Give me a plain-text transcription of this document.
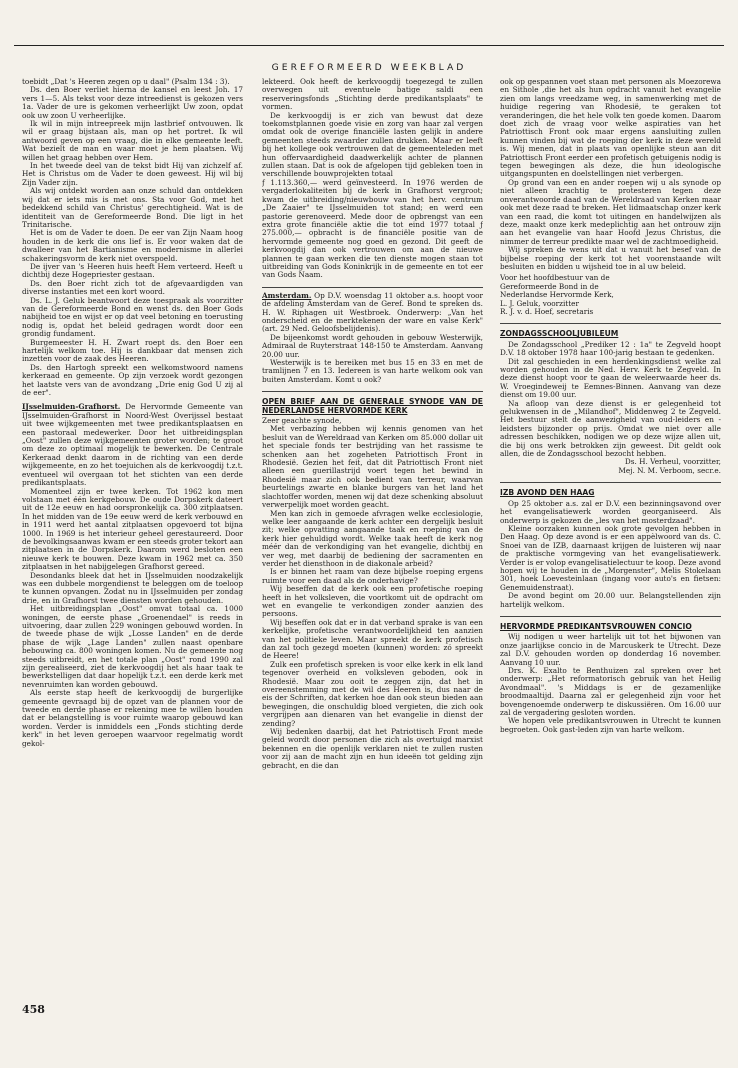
GEREFORMEERD WEEKBLAD

toebidt „Dat 's Heeren zegen op u daal" (Psalm 134 : 3).

Ds. den Boer verliet hierna de kansel en leest Joh. 17 vers 1—5. Als tekst voor deze intreedienst is gekozen vers 1a. Vader de ure is gekomen verheerlijkt Uw zoon, opdat ook uw zoon U verheerlijke.

Ik wil in mijn intreepreek mijn lastbrief ontvouwen. Ik wil er graag bijstaan als, man op het portret. Ik wil antwoord geven op een vraag, die in elke gemeente leeft. Wat bezielt de man en waar moet je hem plaatsen. Wij willen het graag hebben over Hem.

In het tweede deel van de tekst bidt Hij van zichzelf af. Het is Christus om de Vader te doen geweest. Hij wil bij Zijn Vader zijn.

Als wij ontdekt worden aan onze schuld dan ontdekken wij dat er iets mis is met ons. Sta voor God, met het bedekkend schild van Christus' gerechtigheid. Wat is de identiteit van de Gereformeerde Bond. Die ligt in het Trinitarische.

Het is om de Vader te doen. De eer van Zijn Naam hoog houden in de kerk die ons lief is. Er voor waken dat de dwalleer van het Bartianisme en modernisme in allerlei schakeringsvorm de kerk niet overspoeld.

De ijver van 's Heeren huis heeft Hem verteerd. Heeft u dichtbij deze Hogepriester gestaan.

Ds. den Boer richt zich tot de afgevaardigden van diverse instanties met een kort woord.

Ds. L. J. Geluk beantwoort deze toespraak als voorzitter van de Gereformeerde Bond en wenst ds. den Boer Gods nabijheid toe en wijst er op dat veel betoning en toerusting nodig is, opdat het beleid gedragen wordt door een grondig fundament.

Burgemeester H. H. Zwart roept ds. den Boer een hartelijk welkom toe. Hij is dankbaar dat mensen zich inzetten voor de zaak des Heeren.

Ds. den Hartogh spreekt een welkomstwoord namens kerkeraad en gemeente. Op zijn verzoek wordt gezongen het laatste vers van de avondzang „Drie enig God U zij al de eer".

IJsselmuiden-Grafhorst. De Hervormde Gemeente van IJsselmuiden-Grafhorst in Noord-West Overijssel bestaat uit twee wijkgemeenten met twee predikantsplaatsen en een pastoraal medewerker. Door het uitbreidingsplan „Oost" zullen deze wijkgemeenten groter worden; te groot om deze zo optimaal mogelijk te bewerken. De Centrale Kerkeraad denkt daarom in de richting van een derde wijkgemeente, en zo het toejuichen als de kerkvoogdij t.z.t. eventueel wil overgaan tot het stichten van een derde predikantsplaats.

Momenteel zijn er twee kerken. Tot 1962 kon men volstaan met één kerkgebouw. De oude Dorpskerk dateert uit de 12e eeuw en had oorspronkelijk ca. 300 zitplaatsen. In het midden van de 19e eeuw werd de kerk verbouwd en in 1911 werd het aantal zitplaatsen opgevoerd tot bijna 1000. In 1969 is het interieur geheel gerestaureerd. Door de bevolkingsaanwas kwam er een steeds groter tekort aan zitplaatsen in de Dorpskerk. Daarom werd besloten een nieuwe kerk te bouwen. Deze kwam in 1962 met ca. 350 zitplaatsen in het nabijgelegen Grafhorst gereed.

Desondanks bleek dat het in IJsselmuiden noodzakelijk was een dubbele morgendienst te beleggen om de toeloop te kunnen opvangen. Zodat nu in IJsselmuiden per zondag drie, en in Grafhorst twee diensten worden gehouden.

Het uitbreidingsplan „Oost" omvat totaal ca. 1000 woningen, de eerste phase „Groenendael" is reeds in uitvoering, daar zullen 229 woningen gebouwd worden. In de tweede phase de wijk „Losse Landen" en de derde phase de wijk „Lage Landen" zullen naast openbare bebouwing ca. 800 woningen komen. Nu de gemeente nog steeds uitbreidt, en het totale plan „Oost" rond 1990 zal zijn gerealiseerd, ziet de kerkvoogdij het als haar taak te bewerkstelligen dat daar hopelijk t.z.t. een derde kerk met nevenruimten kan worden gebouwd.

Als eerste stap heeft de kerkvoogdij de burgerlijke gemeente gevraagd bij de opzet van de plannen voor de tweede en derde phase er rekening mee te willen houden dat er belangstelling is voor ruimte waarop gebouwd kan worden. Verder is inmiddels een „Fonds stichting derde kerk" in het leven geroepen waarvoor regelmatig wordt gekol-

lekteerd. Ook heeft de kerkvoogdij toegezegd te zullen overwegen uit eventuele batige saldi een reserveringsfonds „Stichting derde predikantsplaats" te vormen.

De kerkvoogdij is er zich van bewust dat deze toekomstplannen goede visie en zorg van haar zal vergen omdat ook de overige financiële lasten gelijk in andere gemeenten steeds zwaarder zullen drukken. Maar er leeft bij het kollege ook vertrouwen dat de gemeenteleden met hun offervaardigheid daadwerkelijk achter de plannen zullen staan. Dat is ook de afgelopen tijd gebleken toen in verschillende bouwprojekten totaal

ƒ 1.113.360,— werd geïnvesteerd. In 1976 werden de vergaderlokaliteiten bij de kerk in Grafhorst vergroot; kwam de uitbreiding/nieuwbouw van het herv. centrum „De Zaaier" te IJsselmuiden tot stand; en werd een pastorie gerenoveerd. Mede door de opbrengst van een extra grote financiële aktie die tot eind 1977 totaal ƒ 275.000,— opbracht is de financiële positie van de hervormde gemeente nog goed en gezond. Dit geeft de kerkvoogdij dan ook vertrouwen om aan de nieuwe plannen te gaan werken die ten dienste mogen staan tot uitbreiding van Gods Koninkrijk in de gemeente en tot eer van Gods Naam.

Amsterdam. Op D.V. woensdag 11 oktober a.s. hoopt voor de afdeling Amsterdam van de Geref. Bond te spreken ds. H. W. Riphagen uit Westbroek. Onderwerp: „Van het onderscheid en de merktekenen der ware en valse Kerk" (art. 29 Ned. Geloofsbelijdenis).

De bijeenkomst wordt gehouden in gebouw Westerwijk, Admiraal de Ruyterstraat 148-150 te Amsterdam. Aanvang 20.00 uur.

Westerwijk is te bereiken met bus 15 en 33 en met de tramlijnen 7 en 13. Iedereen is van harte welkom ook van buiten Amsterdam. Komt u ook?

OPEN BRIEF AAN DE GENERALE SYNODE VAN DE NEDERLANDSE HERVORMDE KERK

Zeer geachte synode,

Met verbazing hebben wij kennis genomen van het besluit van de Wereldraad van Kerken om 85.000 dollar uit het speciale fonds ter bestrijding van het rassisme te schenken aan het zogeheten Patriottisch Front in Rhodesië. Gezien het feit, dat dit Patriottisch Front niet alleen een guerillastrijd voert tegen het bewind in Rhodesië maar zich ook bedient van terreur, waarvan beurtelings zwarte en blanke burgers van het land het slachtoffer worden, menen wij dat deze schenking absoluut verwerpelijk moet worden geacht.

Men kan zich in gemoede afvragen welke ecclesiologie, welke leer aangaande de kerk achter een dergelijk besluit zit; welke opvatting aangaande taak en roeping van de kerk hier gehuldigd wordt. Welke taak heeft de kerk nog méér dan de verkondiging van het evangelie, dichtbij en ver weg, met daarbij de bediening der sacramenten en verder het diensthoon in de diakonale arbeid?

Is er binnen het raam van deze bijbelse roeping ergens ruimte voor een daad als de onderhavige?

Wij beseffen dat de kerk ook een profetische roeping heeft in het volksleven, die voortkomt uit de opdracht om wet en evangelie te verkondigen zonder aanzien des persoons.

Wij beseffen ook dat er in dat verband sprake is van een kerkelijke, profetische verantwoordelijkheid ten aanzien van het politieke leven. Maar spreekt de kerk profetisch dan zal toch gezegd moeten (kunnen) worden: zó spreekt de Heere!

Zulk een profetisch spreken is voor elke kerk in elk land tegenover overheid en volksleven geboden, ook in Rhodesië. Maar zou ooit te zeggen zijn, dat het in overeenstemming met de wil des Heeren is, dus naar de eis der Schriften, dat kerken hoe dan ook steun bieden aan bewegingen, die onschuldig bloed vergieten, die zich ook vergrijpen aan dienaren van het evangelie in dienst der zending?

Wij bedenken daarbij, dat het Patriottisch Front mede geleid wordt door personen die zich als overtuigd marxist bekennen en die openlijk verklaren niet te zullen rusten voor zij aan de macht zijn en hun ideeën tot gelding zijn gebracht, en die dan

ook op gespannen voet staan met personen als Moezorewa en Sithole ,die het als hun opdracht vanuit het evangelie zien om langs vreedzame weg, in samenwerking met de huidige regering van Rhodesië, te geraken tot veranderingen, die het hele volk ten goede komen. Daarom doet zich de vraag voor welke aspiraties van het Patriottisch Front ook maar ergens aansluiting zullen kunnen vinden bij wat de roeping der kerk in deze wereld is. Wij menen, dat in plaats van openlijke steun aan dit Patriottisch Front eerder een profetisch getuigenis nodig is tegen bewegingen als deze, die hun ideologische uitgangspunten en doelstellingen niet verbergen.

Op grond van een en ander roepen wij u als synode op niet alleen krachtig te protesteren tegen deze onverantwoorde daad van de Wereldraad van Kerken maar ook met deze raad te breken. Het lidmaatschap onzer kerk van een raad, die komt tot uitingen en handelwijzen als deze, maakt onze kerk medeplichtig aan het ontrouw zijn aan het evangelie van haar Hoofd Jezus Christus, die nimmer de terreur predikte maar wel de zachtmoedigheid.

Wij spreken de wens uit dat u vanuit het besef van de bijbelse roeping der kerk tot het voorenstaande wilt besluiten en bidden u wijsheid toe in al uw beleid.

Voor het hoofdbestuur van de

Gereformeerde Bond in de

Nederlandse Hervormde Kerk,

L. J. Geluk, voorzitter

R. J. v. d. Hoef, secretaris

ZONDAGSSCHOOLJUBILEUM

De Zondagsschool „Prediker 12 : 1a" te Zegveld hoopt D.V. 18 oktober 1978 haar 100-jarig bestaan te gedenken.

Dit zal geschieden in een herdenkingsdienst welke zal worden gehouden in de Ned. Herv. Kerk te Zegveld. In deze dienst hoopt voor te gaan de weleerwaarde heer ds. W. Vroegindeweij te Eemnes-Binnen. Aanvang van deze dienst om 19.00 uur.

Na afloop van deze dienst is er gelegenheid tot gelukwensen in de „Milandhof", Middenweg 2 te Zegveld. Het bestuur stelt de aanwezigheid van oud-leiders en -leidsters bijzonder op prijs. Omdat we niet over alle adressen beschikken, nodigen we op deze wijze allen uit, die bij ons werk betrokken zijn geweest. Dit geldt ook allen, die de Zondagsschool bezocht hebben.

Ds. H. Verheul, voorzitter,

Mej. N. M. Verboom, secr.e.

IZB AVOND DEN HAAG

Op 25 oktober a.s. zal er D.V. een bezinningsavond over het evangelisatiewerk worden georganiseerd. Als onderwerp is gekozen de „les van het mosterdzaad".

Kleine oorzaken kunnen ook grote gevolgen hebben in Den Haag. Op deze avond is er een appèlwoord van ds. C. Snoei van de IZB, daarnaast krijgen de luisteren wij naar de praktische vormgeving van het evangelisatiewerk. Verder is er volop evangelisatielectuur te koop. Deze avond hopen wij te houden in de „Morgenster", Melis Stokelaan 301, hoek Loevesteinlaan (ingang voor auto's en fietsen: Genemuidenstraat).

De avond begint om 20.00 uur. Belangstellenden zijn hartelijk welkom.

HERVORMDE PREDIKANTSVROUWEN CONCIO

Wij nodigen u weer hartelijk uit tot het bijwonen van onze jaarlijkse concio in de Marcuskerk te Utrecht. Deze zal D.V. gehouden worden op donderdag 16 november. Aanvang 10 uur.

Drs. K. Exalto te Benthuizen zal spreken over het onderwerp: „Het reformatorisch gebruik van het Heilig Avondmaal". 's Middags is er de gezamenlijke broodmaaltijd. Daarna zal er gelegenheid zijn voor het bovengenoemde onderwerp te diskussiëren. Om 16.00 uur zal de vergadering gesloten worden.

We hopen vele predikantsvrouwen in Utrecht te kunnen begroeten. Ook gast-leden zijn van harte welkom.

458
